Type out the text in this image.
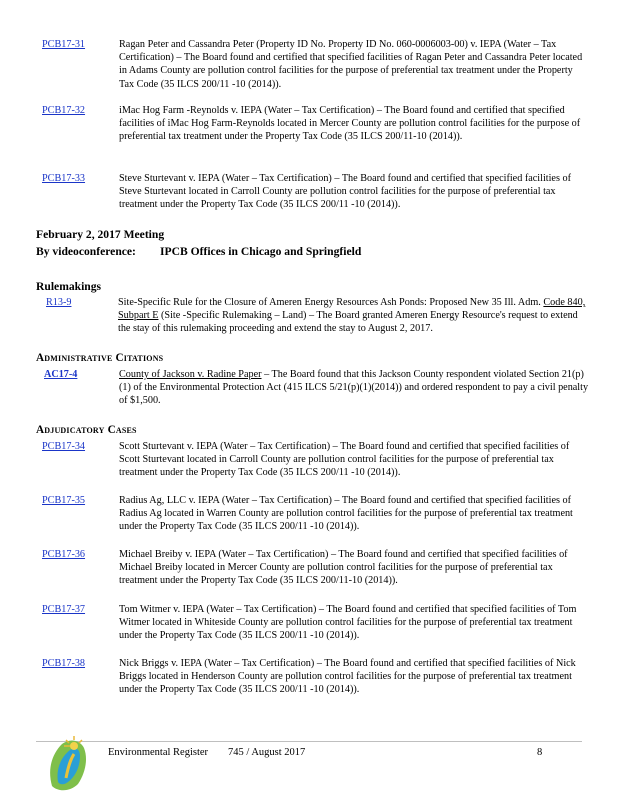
PCB17-31	Ragan Peter and Cassandra Peter (Property ID No. Property ID No. 060-0006003-00) v. IEPA (Water – Tax Certification) – The Board found and certified that specified facilities of Ragan Peter and Cassandra Peter located in Adams County are pollution control facilities for the purpose of preferential tax treatment under the Property Tax Code (35 ILCS 200/11 -10 (2014)).
PCB17-32	iMac Hog Farm -Reynolds v. IEPA (Water – Tax Certification) – The Board found and certified that specified facilities of iMac Hog Farm-Reynolds located in Mercer County are pollution control facilities for the purpose of preferential tax treatment under the Property Tax Code (35 ILCS 200/11-10 (2014)).
PCB17-33	Steve Sturtevant v. IEPA (Water – Tax Certification) – The Board found and certified that specified facilities of Steve Sturtevant located in Carroll County are pollution control facilities for the purpose of preferential tax treatment under the Property Tax Code (35 ILCS 200/11 -10 (2014)).
February 2, 2017 Meeting
By videoconference: IPCB Offices in Chicago and Springfield
Rulemakings
R13-9	Site-Specific Rule for the Closure of Ameren Energy Resources Ash Ponds: Proposed New 35 Ill. Adm. Code 840, Subpart E (Site -Specific Rulemaking – Land) – The Board granted Ameren Energy Resource's request to extend the stay of this rulemaking proceeding and extend the stay to August 2, 2017.
Administrative Citations
AC17-4	County of Jackson v. Radine Paper – The Board found that this Jackson County respondent violated Section 21(p)(1) of the Environmental Protection Act (415 ILCS 5/21(p)(1)(2014)) and ordered respondent to pay a civil penalty of $1,500.
Adjudicatory Cases
PCB17-34	Scott Sturtevant v. IEPA (Water – Tax Certification) – The Board found and certified that specified facilities of Scott Sturtevant located in Carroll County are pollution control facilities for the purpose of preferential tax treatment under the Property Tax Code (35 ILCS 200/11 -10 (2014)).
PCB17-35	Radius Ag, LLC v. IEPA (Water – Tax Certification) – The Board found and certified that specified facilities of Radius Ag located in Warren County are pollution control facilities for the purpose of preferential tax treatment under the Property Tax Code (35 ILCS 200/11 -10 (2014)).
PCB17-36	Michael Breiby v. IEPA (Water – Tax Certification) – The Board found and certified that specified facilities of Michael Breiby located in Mercer County are pollution control facilities for the purpose of preferential tax treatment under the Property Tax Code (35 ILCS 200/11-10 (2014)).
PCB17-37	Tom Witmer v. IEPA (Water – Tax Certification) – The Board found and certified that specified facilities of Tom Witmer located in Whiteside County are pollution control facilities for the purpose of preferential tax treatment under the Property Tax Code (35 ILCS 200/11 -10 (2014)).
PCB17-38	Nick Briggs v. IEPA (Water – Tax Certification) – The Board found and certified that specified facilities of Nick Briggs located in Henderson County are pollution control facilities for the purpose of preferential tax treatment under the Property Tax Code (35 ILCS 200/11 -10 (2014)).
Environmental Register 745 / August 2017	8
